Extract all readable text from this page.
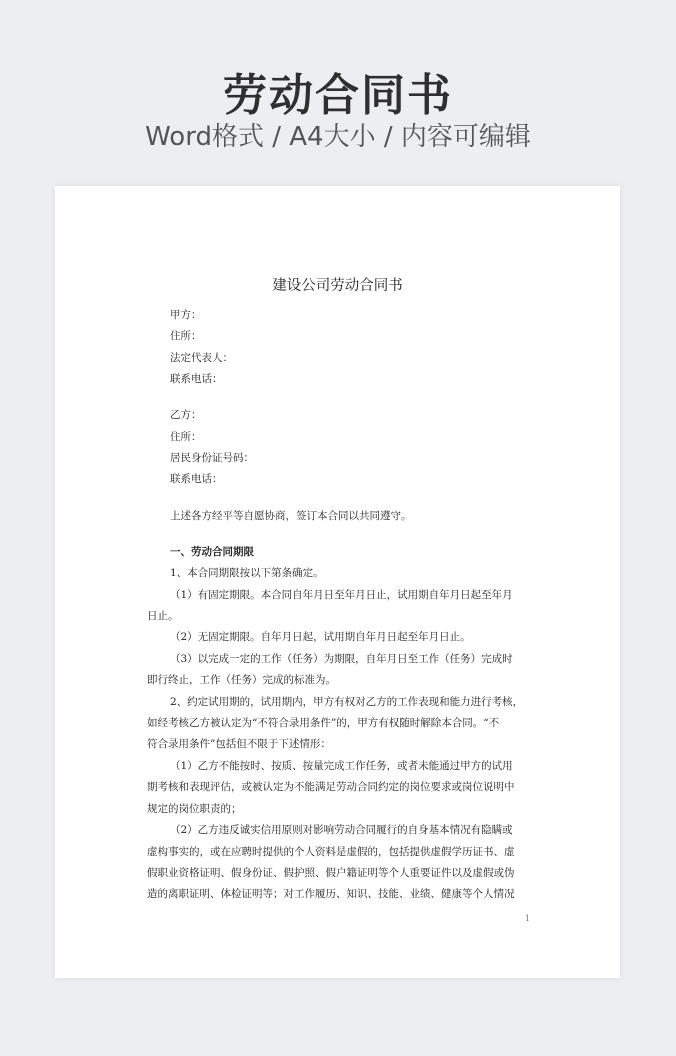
劳动合同书
Word格式 / A4大小 / 内容可编辑
建设公司劳动合同书
甲方：
住所：
法定代表人：
联系电话：
乙方：
住所：
居民身份证号码：
联系电话：
上述各方经平等自愿协商，签订本合同以共同遵守。
一、劳动合同期限
1、本合同期限按以下第条确定。
（1）有固定期限。本合同自年月日至年月日止，试用期自年月日起至年月
日止。
（2）无固定期限。自年月日起，试用期自年月日起至年月日止。
（3）以完成一定的工作（任务）为期限，自年月日至工作（任务）完成时
即行终止，工作（任务）完成的标准为。
2、约定试用期的，试用期内，甲方有权对乙方的工作表现和能力进行考核，
如经考核乙方被认定为“不符合录用条件”的，甲方有权随时解除本合同。“不
符合录用条件”包括但不限于下述情形：
（1）乙方不能按时、按质、按量完成工作任务，或者未能通过甲方的试用
期考核和表现评估，或被认定为不能满足劳动合同约定的岗位要求或岗位说明中
规定的岗位职责的；
（2）乙方违反诚实信用原则对影响劳动合同履行的自身基本情况有隐瞒或
虚构事实的，或在应聘时提供的个人资料是虚假的，包括提供虚假学历证书、虚
假职业资格证明、假身份证、假护照、假户籍证明等个人重要证件以及虚假或伪
造的离职证明、体检证明等；对工作履历、知识、技能、业绩、健康等个人情况
1
